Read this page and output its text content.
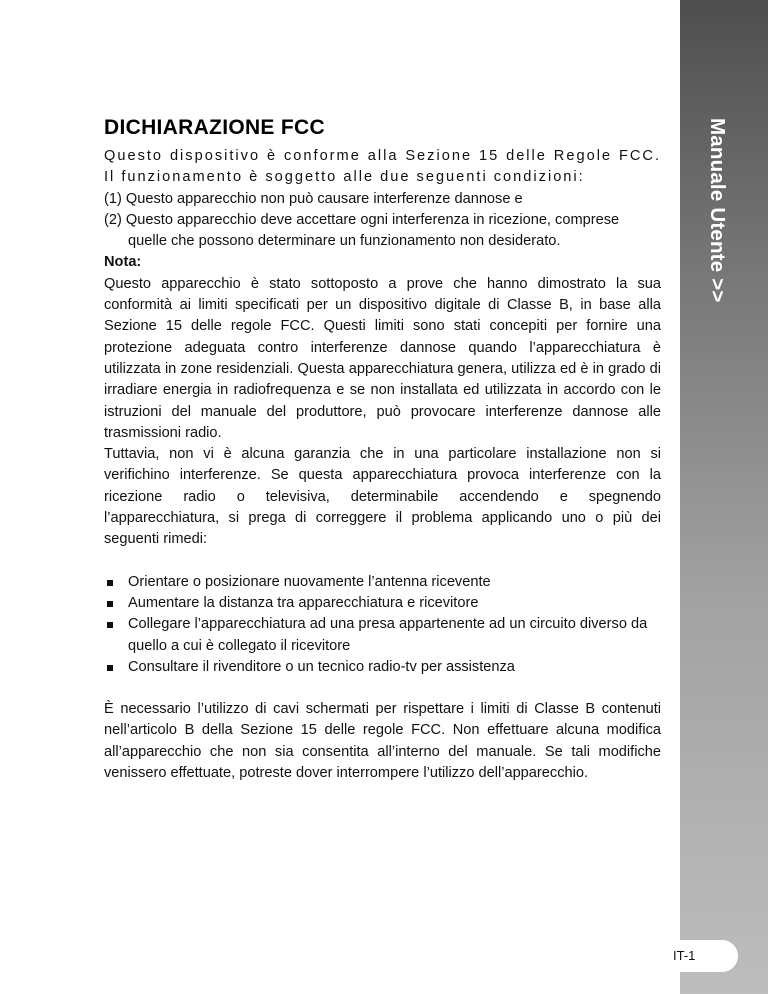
Manuale Utente >>
IT-1
DICHIARAZIONE FCC

Questo dispositivo è conforme alla Sezione 15 delle Regole FCC. Il funzionamento è soggetto alle due seguenti condizioni:

(1) Questo apparecchio non può causare interferenze dannose e

(2) Questo apparecchio deve accettare ogni interferenza in ricezione, comprese quelle che possono determinare un funzionamento non desiderato.

Nota:

Questo apparecchio è stato sottoposto a prove che hanno dimostrato la sua conformità ai limiti specificati per un dispositivo digitale di Classe B, in base alla Sezione 15 delle regole FCC. Questi limiti sono stati concepiti per fornire una protezione adeguata contro interferenze dannose quando l’apparecchiatura è utilizzata in zone residenziali. Questa apparecchiatura genera, utilizza ed è in grado di irradiare energia in radiofrequenza e se non installata ed utilizzata in accordo con le istruzioni del manuale del produttore, può provocare interferenze dannose alle trasmissioni radio.

Tuttavia, non vi è alcuna garanzia che in una particolare installazione non si verifichino interferenze. Se questa apparecchiatura provoca interferenze con la ricezione radio o televisiva, determinabile accendendo e spegnendo l’apparecchiatura, si prega di correggere il problema applicando uno o più dei seguenti rimedi:

Orientare o posizionare nuovamente l’antenna ricevente
Aumentare la distanza tra apparecchiatura e ricevitore
Collegare l’apparecchiatura ad una presa appartenente ad un circuito diverso da quello a cui è collegato il ricevitore
Consultare il rivenditore o un tecnico radio-tv per assistenza

È necessario l’utilizzo di cavi schermati per rispettare i limiti di Classe B contenuti nell’articolo B della Sezione 15 delle regole FCC. Non effettuare alcuna modifica all’apparecchio che non sia consentita all’interno del manuale. Se tali modifiche venissero effettuate, potreste dover interrompere l’utilizzo dell’apparecchio.
